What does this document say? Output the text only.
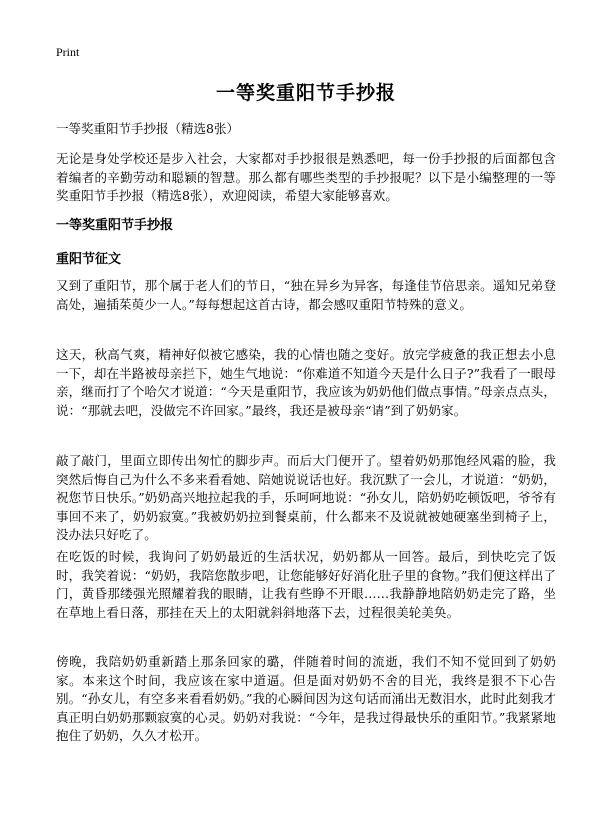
Print
一等奖重阳节手抄报

一等奖重阳节手抄报（精选8张）

无论是身处学校还是步入社会，大家都对手抄报很是熟悉吧，每一份手抄报的后面都包含着编者的辛勤劳动和聪颖的智慧。那么都有哪些类型的手抄报呢？以下是小编整理的一等奖重阳节手抄报（精选8张），欢迎阅读，希望大家能够喜欢。

一等奖重阳节手抄报
重阳节征文

又到了重阳节，那个属于老人们的节日，“独在异乡为异客，每逢佳节倍思亲。遥知兄弟登高处，遍插茱萸少一人。”每每想起这首古诗，都会感叹重阳节特殊的意义。

这天，秋高气爽，精神好似被它感染，我的心情也随之变好。放完学疲惫的我正想去小息一下，却在半路被母亲拦下，她生气地说：“你难道不知道今天是什么日子?”我看了一眼母亲，继而打了个哈欠才说道：“今天是重阳节，我应该为奶奶他们做点事情。”母亲点点头，说：“那就去吧，没做完不许回家。”最终，我还是被母亲“请”到了奶奶家。

敲了敲门，里面立即传出匆忙的脚步声。而后大门便开了。望着奶奶那饱经风霜的脸，我突然后悔自己为什么不多来看看她、陪她说说话也好。我沉默了一会儿，才说道：“奶奶，祝您节日快乐。”奶奶高兴地拉起我的手，乐呵呵地说：“孙女儿，陪奶奶吃顿饭吧，爷爷有事回不来了，奶奶寂寞。”我被奶奶拉到餐桌前，什么都来不及说就被她硬塞坐到椅子上，没办法只好吃了。

在吃饭的时候，我询问了奶奶最近的生活状况，奶奶都从一回答。最后，到快吃完了饭时，我笑着说：“奶奶，我陪您散步吧，让您能够好好消化肚子里的食物。”我们便这样出了门，黄昏那缕强光照耀着我的眼睛，让我有些睁不开眼……我静静地陪奶奶走完了路，坐在草地上看日落，那挂在天上的太阳就斜斜地落下去，过程很美轮美奂。

傍晚，我陪奶奶重新踏上那条回家的璐，伴随着时间的流逝，我们不知不觉回到了奶奶家。本来这个时间，我应该在家中道逼。但是面对奶奶不舍的目光，我终是狠不下心告别。“孙女儿，有空多来看看奶奶。”我的心瞬间因为这句话而涌出无数泪水，此时此刻我才真正明白奶奶那颗寂寞的心灵。奶奶对我说：“今年，是我过得最快乐的重阳节。”我紧紧地抱住了奶奶，久久才松开。
